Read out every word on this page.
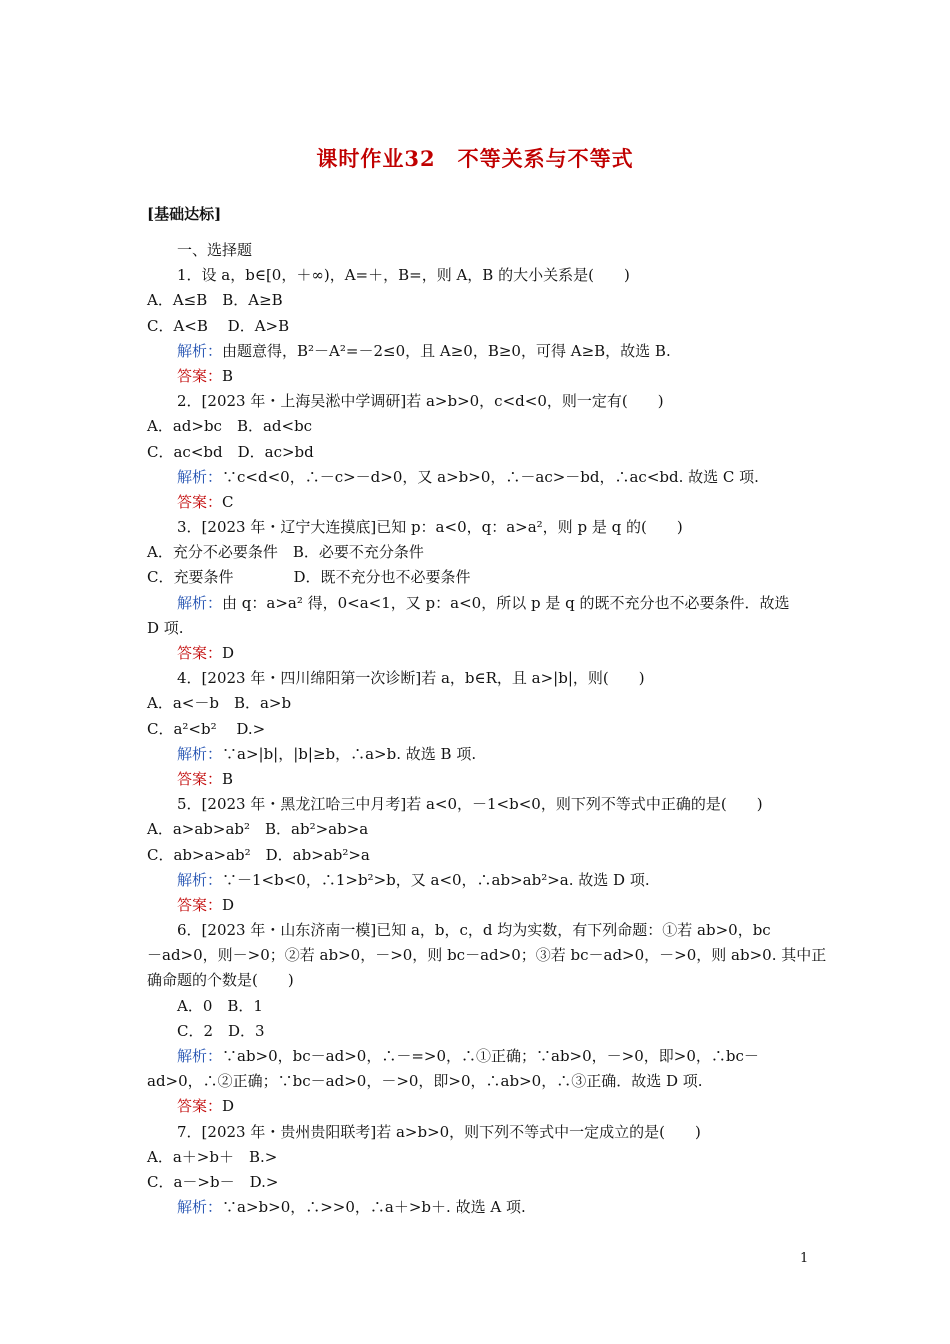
课时作业32　不等关系与不等式
[基础达标]
一、选择题
1．设 a，b∈[0，＋∞)，A=＋，B=，则 A，B 的大小关系是(　　)
A．A≤B　B．A≥B
C．A<B　 D．A>B
解析：由题意得，B²－A²=－2≤0，且 A≥0，B≥0，可得 A≥B，故选 B.
答案：B
2．[2023 年・上海吴淞中学调研]若 a>b>0，c<d<0，则一定有(　　)
A．ad>bc　B．ad<bc
C．ac<bd　D．ac>bd
解析：∵c<d<0，∴－c>－d>0，又 a>b>0，∴－ac>－bd，∴ac<bd. 故选 C 项.
答案：C
3．[2023 年・辽宁大连摸底]已知 p：a<0，q：a>a²，则 p 是 q 的(　　)
A．充分不必要条件　B．必要不充分条件
C．充要条件　　　　D．既不充分也不必要条件
解析：由 q：a>a² 得，0<a<1，又 p：a<0，所以 p 是 q 的既不充分也不必要条件．故选
D 项.
答案：D
4．[2023 年・四川绵阳第一次诊断]若 a，b∈R，且 a>|b|，则(　　)
A．a<－b　B．a>b
C．a²<b²　 D.>
解析：∵a>|b|，|b|≥b，∴a>b. 故选 B 项.
答案：B
5．[2023 年・黑龙江哈三中月考]若 a<0，－1<b<0，则下列不等式中正确的是(　　)
A．a>ab>ab²　B．ab²>ab>a
C．ab>a>ab²　D．ab>ab²>a
解析：∵－1<b<0，∴1>b²>b，又 a<0，∴ab>ab²>a. 故选 D 项.
答案：D
6．[2023 年・山东济南一模]已知 a，b，c，d 均为实数，有下列命题：①若 ab>0，bc
－ad>0，则－>0；②若 ab>0，－>0，则 bc－ad>0；③若 bc－ad>0，－>0，则 ab>0. 其中正
确命题的个数是(　　)
A．0　B．1
C．2　D．3
解析：∵ab>0，bc－ad>0，∴－=>0，∴①正确；∵ab>0，－>0，即>0，∴bc－
ad>0，∴②正确；∵bc－ad>0，－>0，即>0，∴ab>0，∴③正确．故选 D 项.
答案：D
7．[2023 年・贵州贵阳联考]若 a>b>0，则下列不等式中一定成立的是(　　)
A．a＋>b＋　B.>
C．a－>b－　D.>
解析：∵a>b>0，∴>>0，∴a＋>b＋. 故选 A 项.
1
